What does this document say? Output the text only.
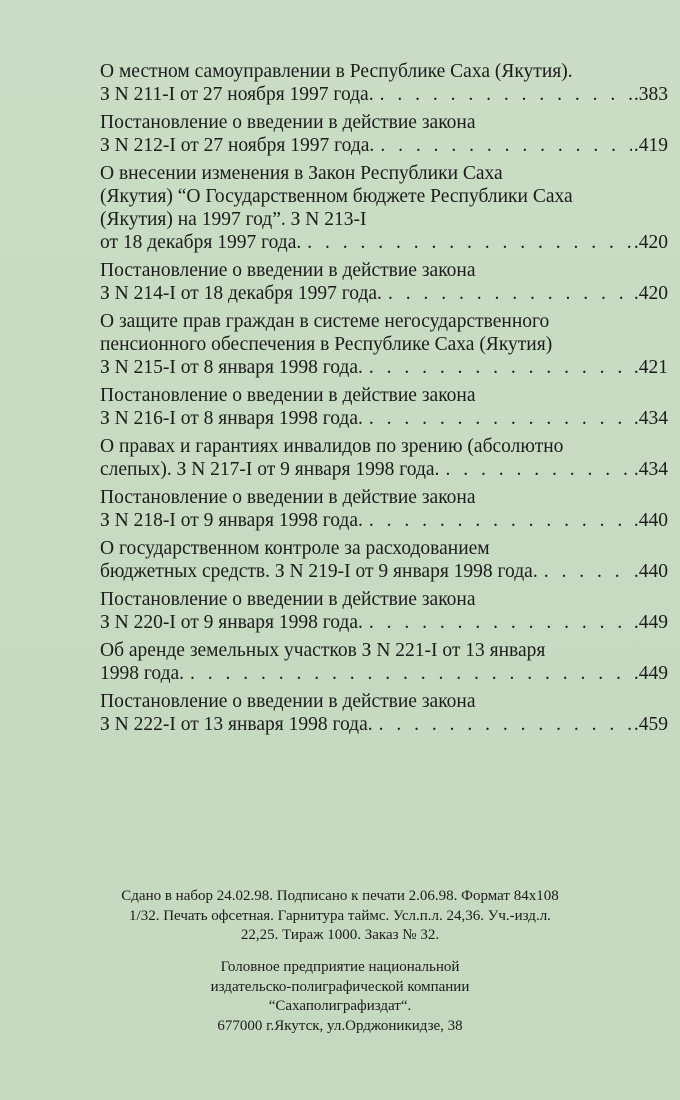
О местном самоуправлении в Республике Саха (Якутия).
З N 211-I от 27 ноября 1997 года. . . .	.383
Постановление о введении в действие закона
З N 212-I от 27 ноября 1997 года. . . .	.419
О внесении изменения в Закон Республики Саха
(Якутия) “О Государственном бюджете Республики Саха
(Якутия) на 1997 год”. З N 213-I
от 18 декабря 1997 года. . . .	.420
Постановление о введении в действие закона
З N 214-I от 18 декабря 1997 года. . . .	.420
О защите прав граждан в системе негосударственного
пенсионного обеспечения в Республике Саха (Якутия)
З N 215-I от 8 января 1998 года. . . .	.421
Постановление о введении в действие закона
З N 216-I от 8 января 1998 года. . . .	.434
О правах и гарантиях инвалидов по зрению (абсолютно
слепых). З N 217-I от 9 января 1998 года. . . .	.434
Постановление о введении в действие закона
З N 218-I от 9 января 1998 года. . . .	.440
О государственном контроле за расходованием
бюджетных средств. З N 219-I от 9 января 1998 года. . . .	.440
Постановление о введении в действие закона
З N 220-I от 9 января 1998 года. . . .	.449
Об аренде земельных участков З N 221-I от 13 января
1998 года. . . .	.449
Постановление о введении в действие закона
З N 222-I от 13 января 1998 года. . . .	.459
Сдано в набор 24.02.98. Подписано к печати 2.06.98. Формат 84х108
1/32. Печать офсетная. Гарнитура таймс. Усл.п.л. 24,36. Уч.-изд.л.
22,25. Тираж 1000. Заказ № 32.
Головное предприятие национальной
издательско-полиграфической компании
“Сахаполиграфиздат“.
677000 г.Якутск, ул.Орджоникидзе, 38
